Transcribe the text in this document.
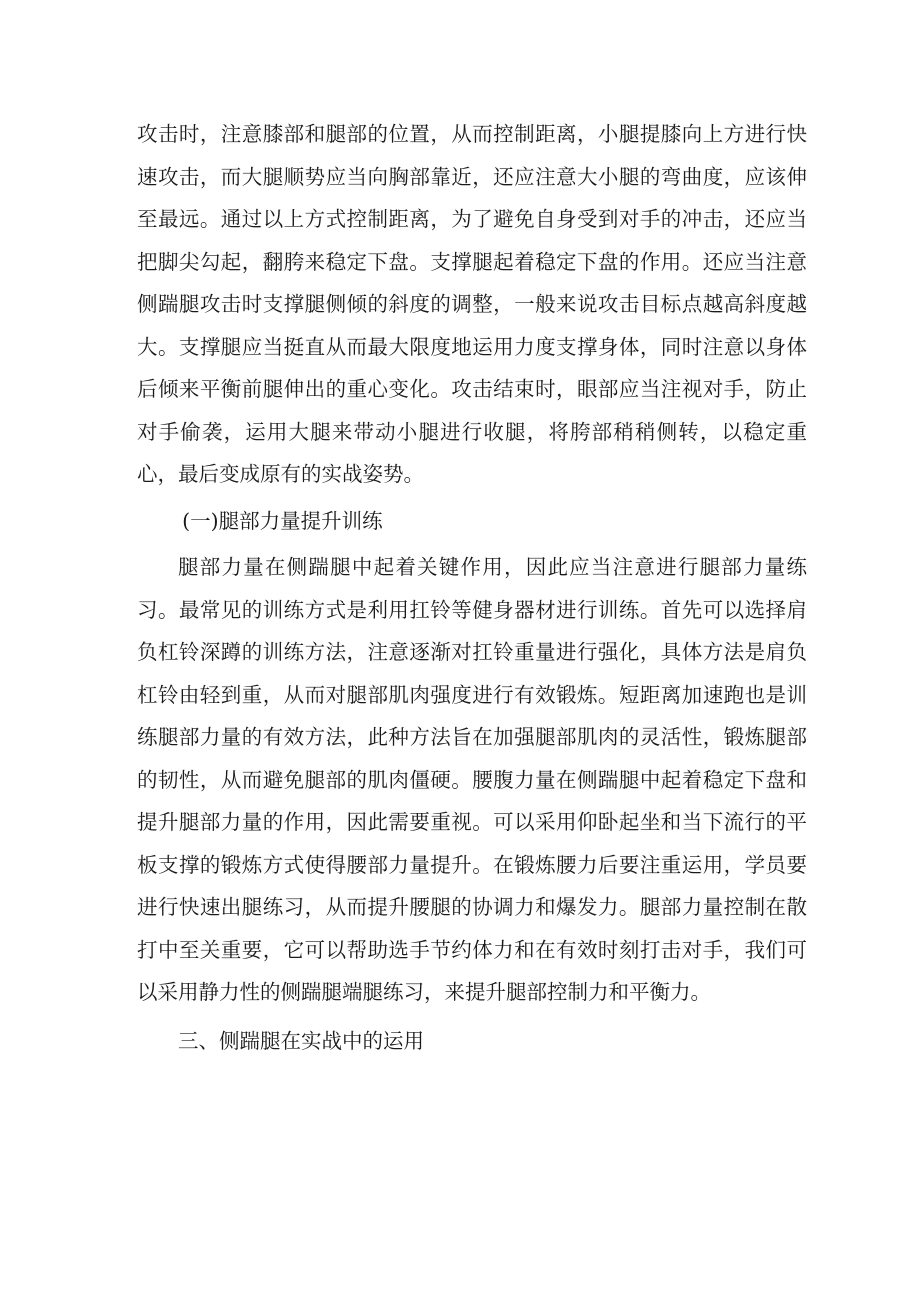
攻击时，注意膝部和腿部的位置，从而控制距离，小腿提膝向上方进行快速攻击，而大腿顺势应当向胸部靠近，还应注意大小腿的弯曲度，应该伸至最远。通过以上方式控制距离，为了避免自身受到对手的冲击，还应当把脚尖勾起，翻胯来稳定下盘。支撑腿起着稳定下盘的作用。还应当注意侧踹腿攻击时支撑腿侧倾的斜度的调整，一般来说攻击目标点越高斜度越大。支撑腿应当挺直从而最大限度地运用力度支撑身体，同时注意以身体后倾来平衡前腿伸出的重心变化。攻击结束时，眼部应当注视对手，防止对手偷袭，运用大腿来带动小腿进行收腿，将胯部稍稍侧转，以稳定重心，最后变成原有的实战姿势。

(一)腿部力量提升训练

腿部力量在侧踹腿中起着关键作用，因此应当注意进行腿部力量练习。最常见的训练方式是利用扛铃等健身器材进行训练。首先可以选择肩负杠铃深蹲的训练方法，注意逐渐对扛铃重量进行强化，具体方法是肩负杠铃由轻到重，从而对腿部肌肉强度进行有效锻炼。短距离加速跑也是训练腿部力量的有效方法，此种方法旨在加强腿部肌肉的灵活性，锻炼腿部的韧性，从而避免腿部的肌肉僵硬。腰腹力量在侧踹腿中起着稳定下盘和提升腿部力量的作用，因此需要重视。可以采用仰卧起坐和当下流行的平板支撑的锻炼方式使得腰部力量提升。在锻炼腰力后要注重运用，学员要进行快速出腿练习，从而提升腰腿的协调力和爆发力。腿部力量控制在散打中至关重要，它可以帮助选手节约体力和在有效时刻打击对手，我们可以采用静力性的侧踹腿端腿练习，来提升腿部控制力和平衡力。

三、侧踹腿在实战中的运用
